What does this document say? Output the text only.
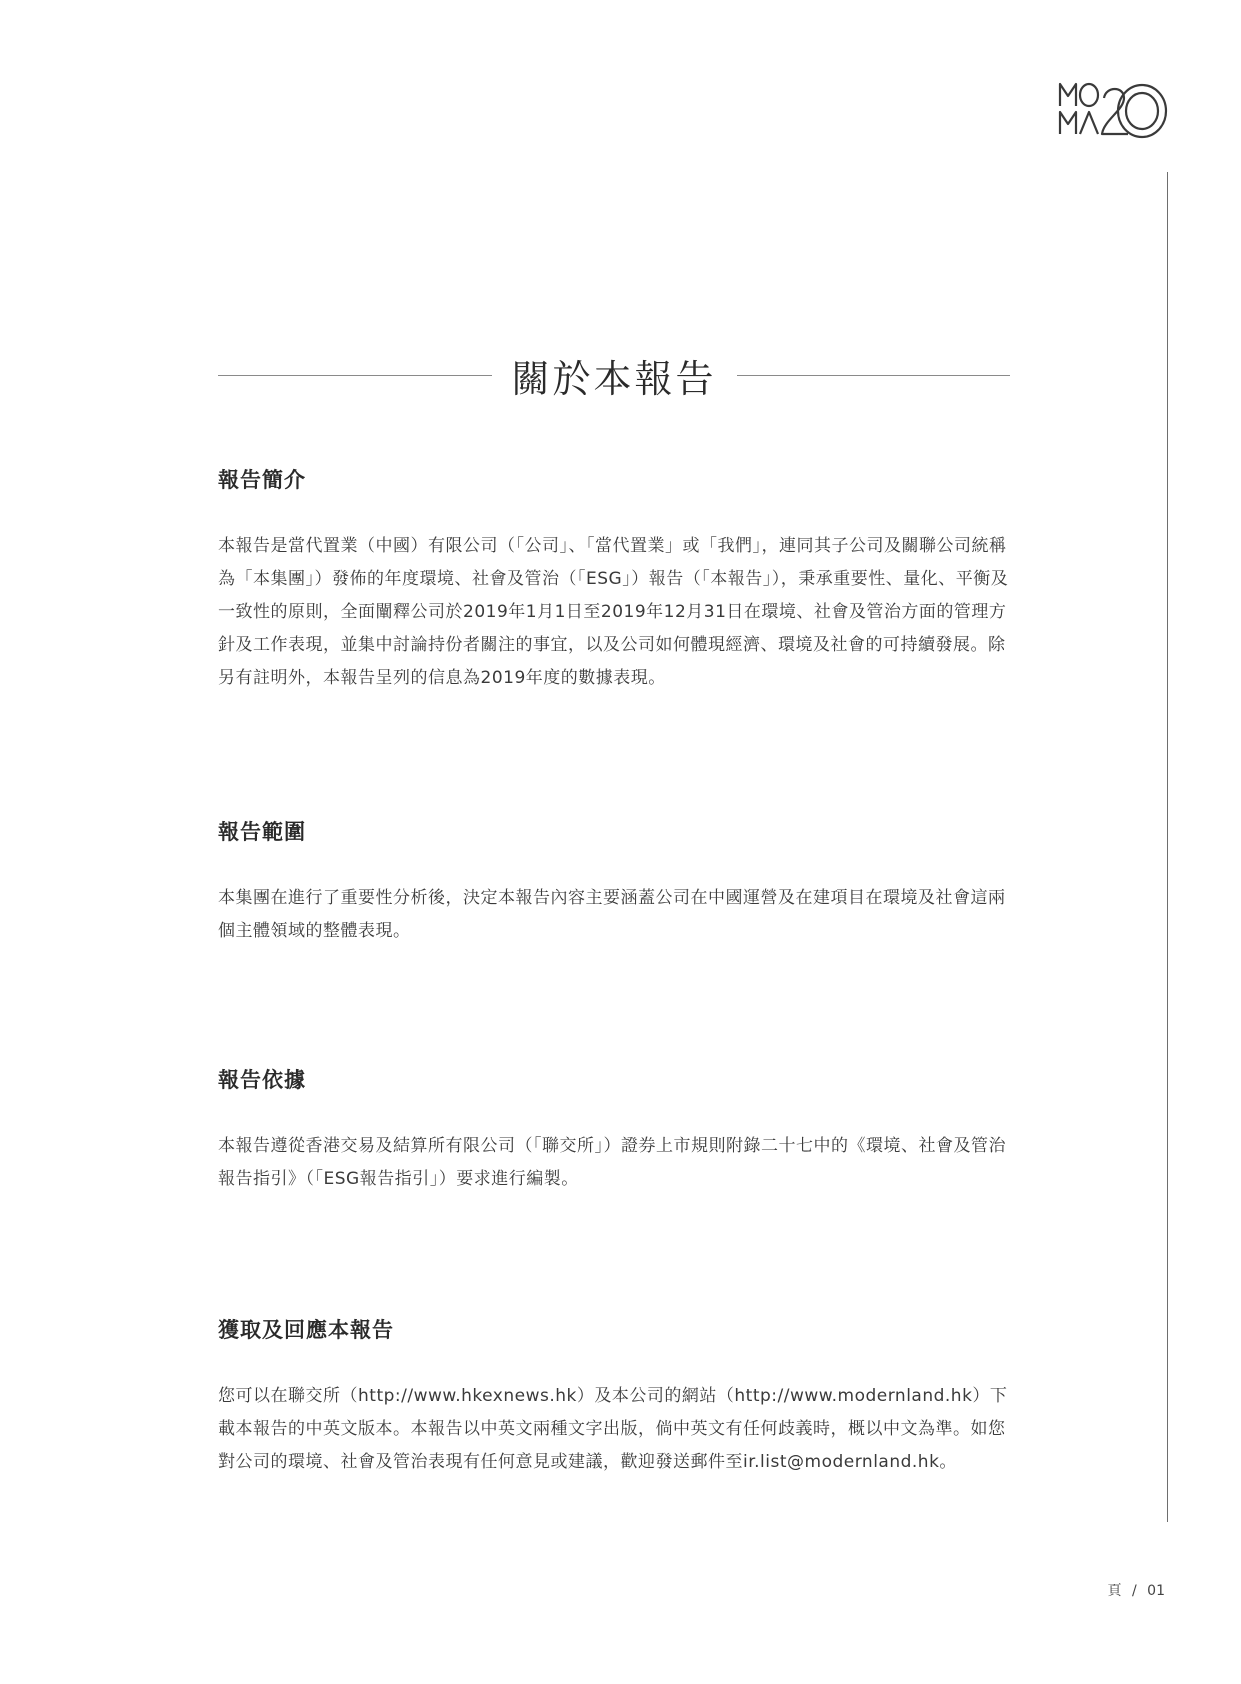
關於本報告
報告簡介

本報告是當代置業（中國）有限公司（「公司」、「當代置業」或「我們」，連同其子公司及關聯公司統稱為「本集團」）發佈的年度環境、社會及管治（「ESG」）報告（「本報告」），秉承重要性、量化、平衡及一致性的原則，全面闡釋公司於2019年1月1日至2019年12月31日在環境、社會及管治方面的管理方針及工作表現，並集中討論持份者關注的事宜，以及公司如何體現經濟、環境及社會的可持續發展。除另有註明外，本報告呈列的信息為2019年度的數據表現。

報告範圍

本集團在進行了重要性分析後，決定本報告內容主要涵蓋公司在中國運營及在建項目在環境及社會這兩個主體領域的整體表現。

報告依據

本報告遵從香港交易及結算所有限公司（「聯交所」）證券上市規則附錄二十七中的《環境、社會及管治報告指引》（「ESG報告指引」）要求進行編製。

獲取及回應本報告

您可以在聯交所（http://www.hkexnews.hk）及本公司的網站（http://www.modernland.hk）下載本報告的中英文版本。本報告以中英文兩種文字出版，倘中英文有任何歧義時，概以中文為準。如您對公司的環境、社會及管治表現有任何意見或建議，歡迎發送郵件至ir.list@modernland.hk。

頁 / 01
